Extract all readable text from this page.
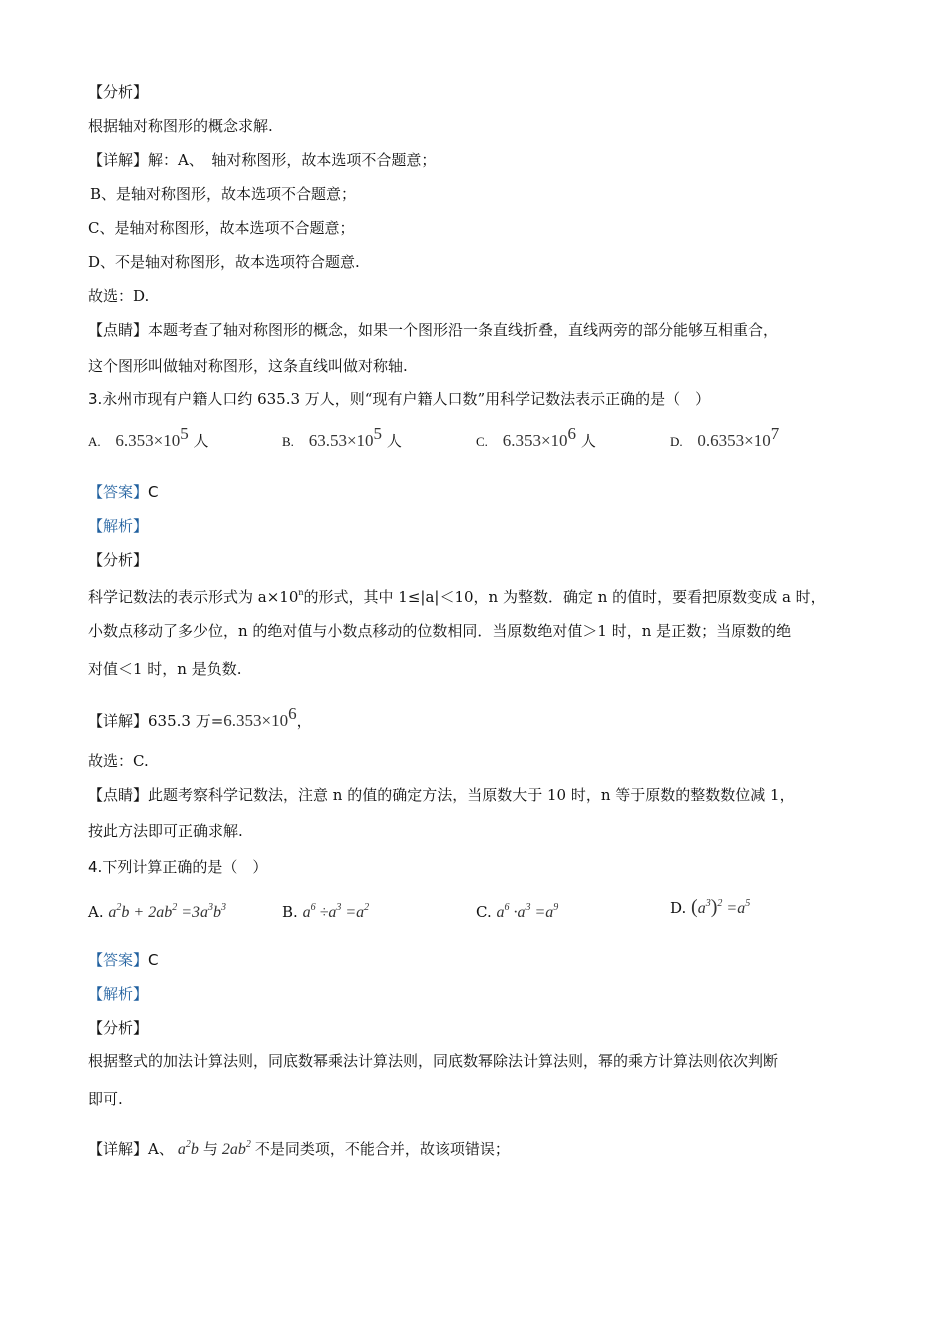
【分析】
根据轴对称图形的概念求解.
【详解】解：A、　轴对称图形，故本选项不合题意；
B、是轴对称图形，故本选项不合题意；
C、是轴对称图形，故本选项不合题意；
D、不是轴对称图形，故本选项符合题意.
故选：D.
【点睛】本题考查了轴对称图形的概念，如果一个图形沿一条直线折叠，直线两旁的部分能够互相重合，
这个图形叫做轴对称图形，这条直线叫做对称轴.
3.永州市现有户籍人口约 635.3 万人，则“现有户籍人口数”用科学记数法表示正确的是（　）
A. $6.353\times 10^5$ 人	B. $63.53\times 10^5$ 人	C. $6.353\times 10^6$ 人	D. $0.6353\times 10^7$
【答案】C
【解析】
【分析】
科学记数法的表示形式为 $a\times 10^n$的形式，其中 1≤|a|＜10，n 为整数．确定 n 的值时，要看把原数变成 a 时，
小数点移动了多少位，n 的绝对值与小数点移动的位数相同．当原数绝对值＞1 时，n 是正数；当原数的绝
对值＜1 时，n 是负数.
【详解】635.3 万$=6.353\times 10^6$，
故选：C.
【点睛】此题考察科学记数法，注意 n 的值的确定方法，当原数大于 10 时，n 等于原数的整数数位减 1，
按此方法即可正确求解.
4.下列计算正确的是（　）
A. $a^2b + 2ab^2 =3a^3b^3$	B. $a^6 \div a^3 =a^2$	C. $a^6 \cdot a^3 =a^9$	D. $(a^3)^2 =a^5$
【答案】C
【解析】
【分析】
根据整式的加法计算法则，同底数幂乘法计算法则，同底数幂除法计算法则，幂的乘方计算法则依次判断
即可.
【详解】A、 $a^2b$ 与 $2ab^2$ 不是同类项，不能合并，故该项错误；
